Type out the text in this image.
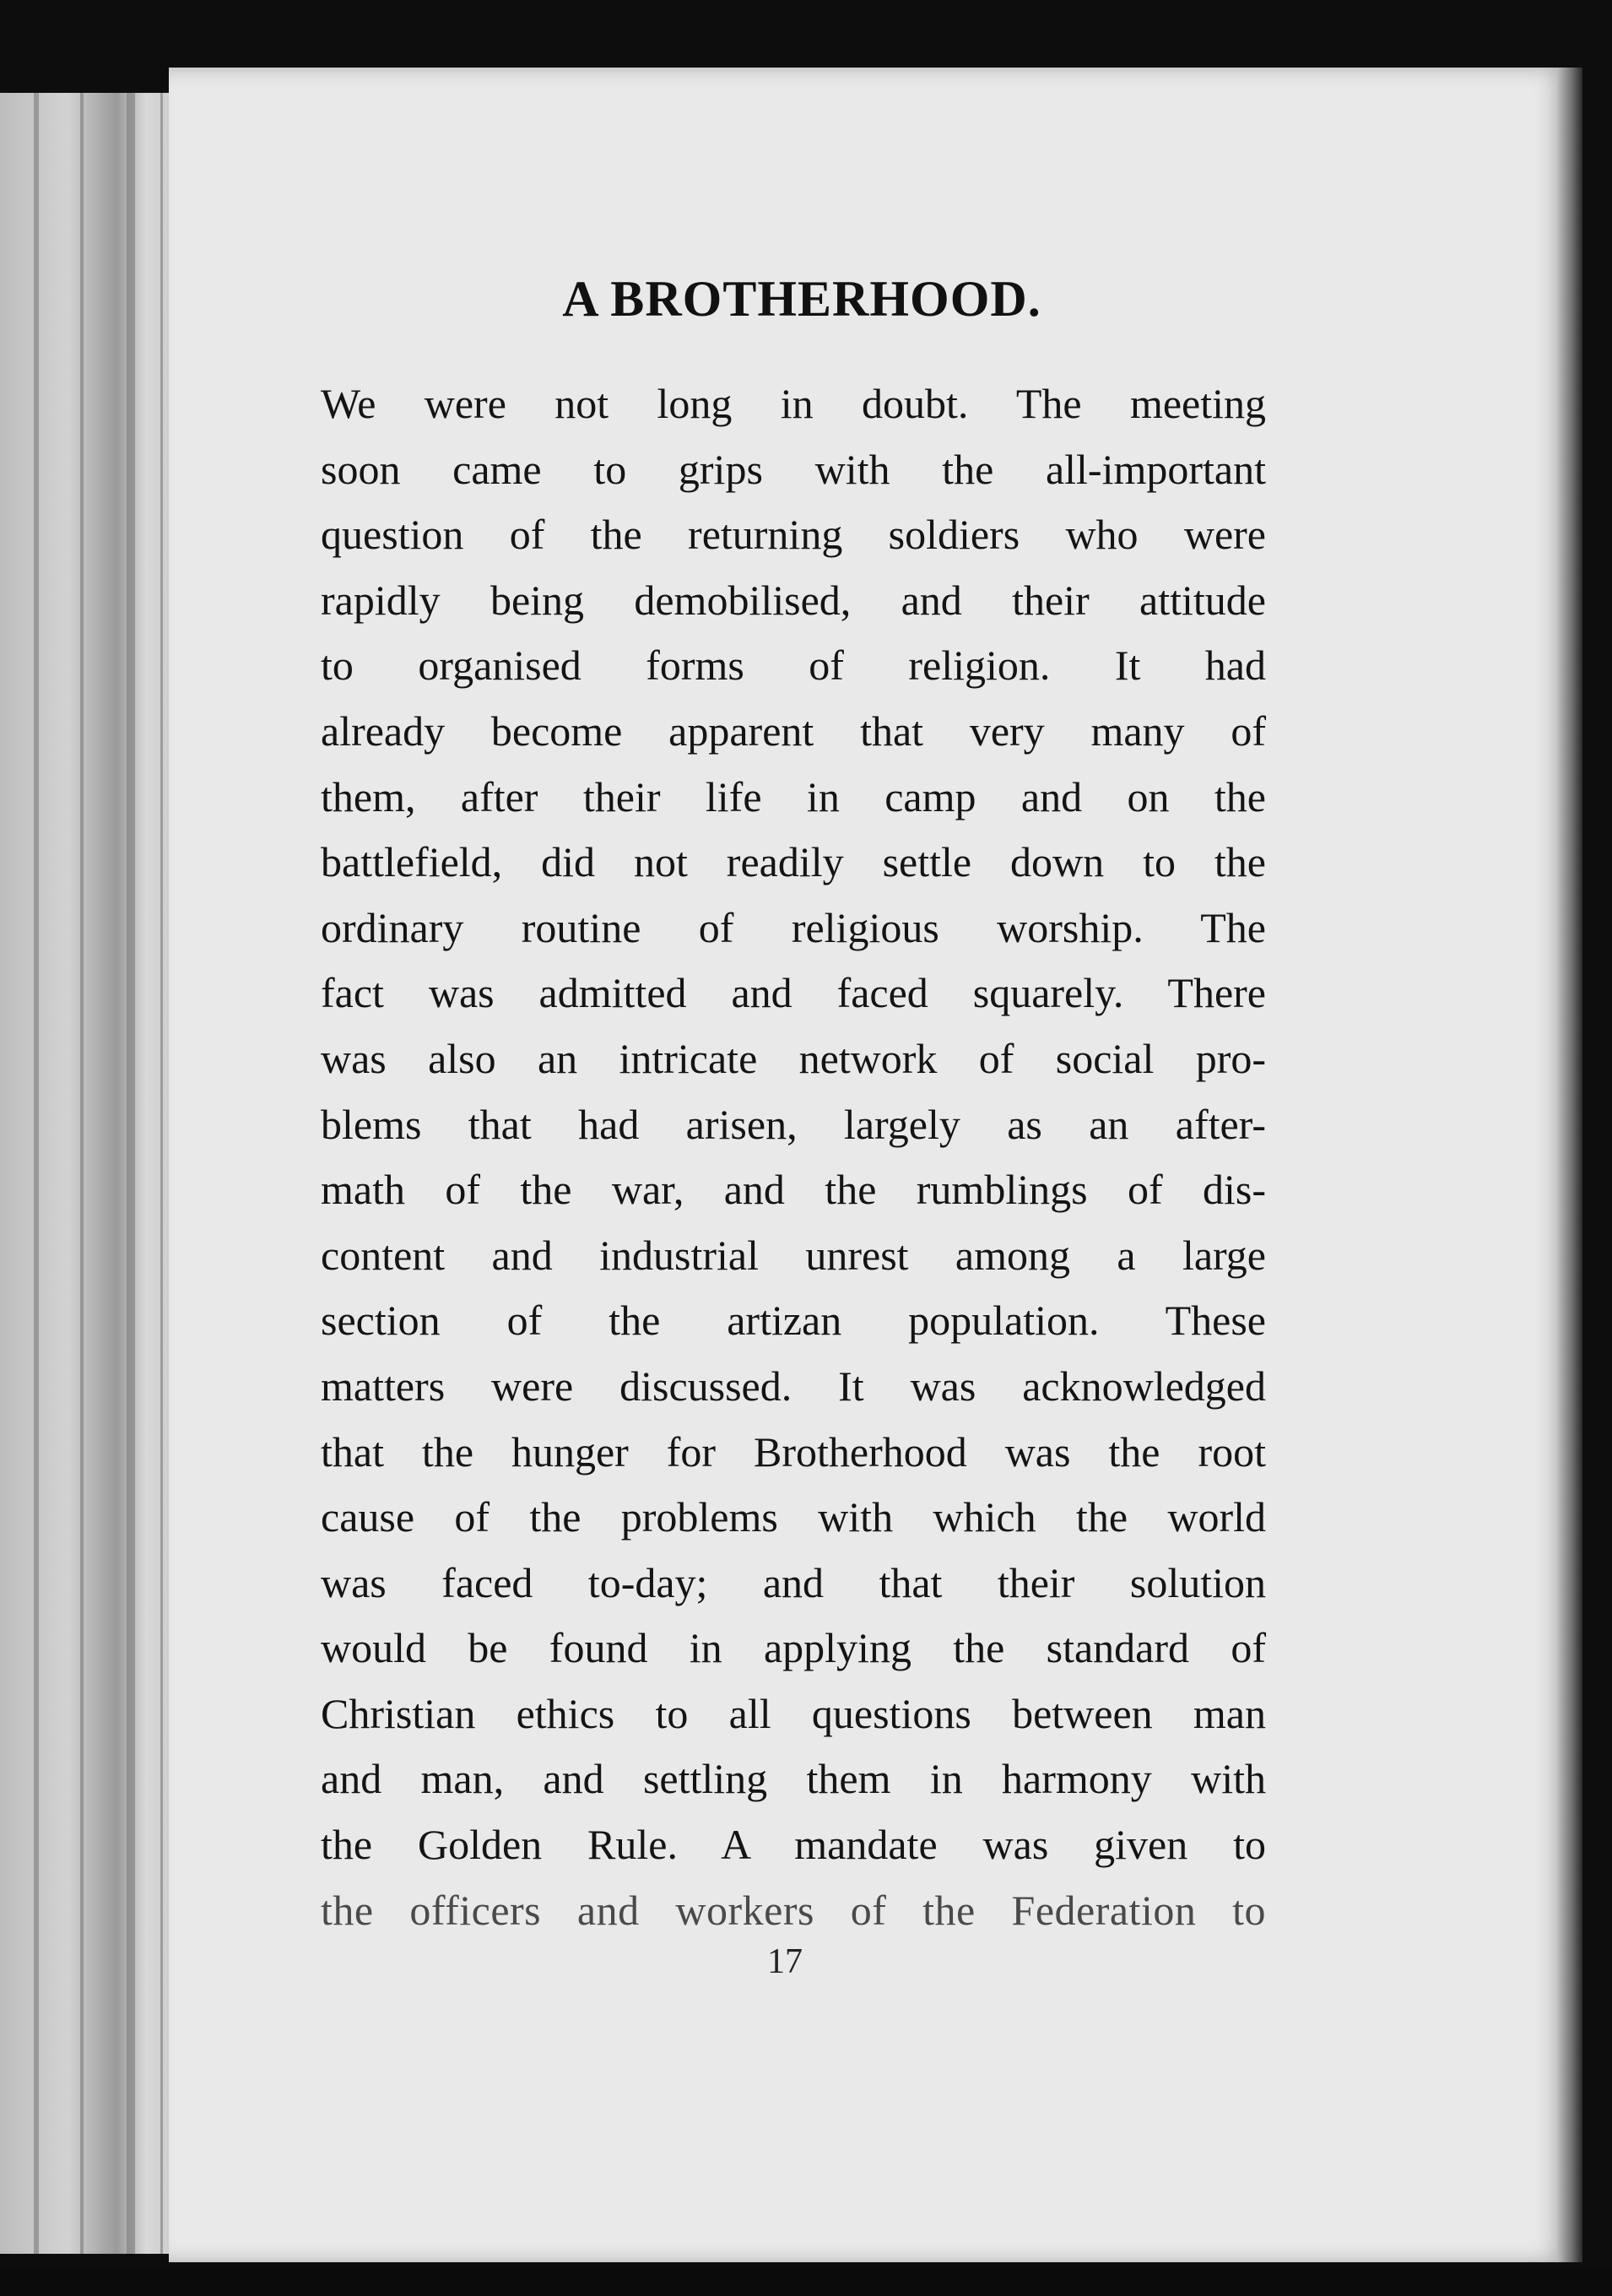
A BROTHERHOOD.
We were not long in doubt. The meeting
soon came to grips with the all-important
question of the returning soldiers who were
rapidly being demobilised, and their attitude
to organised forms of religion. It had
already become apparent that very many of
them, after their life in camp and on the
battlefield, did not readily settle down to the
ordinary routine of religious worship. The
fact was admitted and faced squarely. There
was also an intricate network of social pro-
blems that had arisen, largely as an after-
math of the war, and the rumblings of dis-
content and industrial unrest among a large
section of the artizan population. These
matters were discussed. It was acknowledged
that the hunger for Brotherhood was the root
cause of the problems with which the world
was faced to-day; and that their solution
would be found in applying the standard of
Christian ethics to all questions between man
and man, and settling them in harmony with
the Golden Rule. A mandate was given to
the officers and workers of the Federation to

17
